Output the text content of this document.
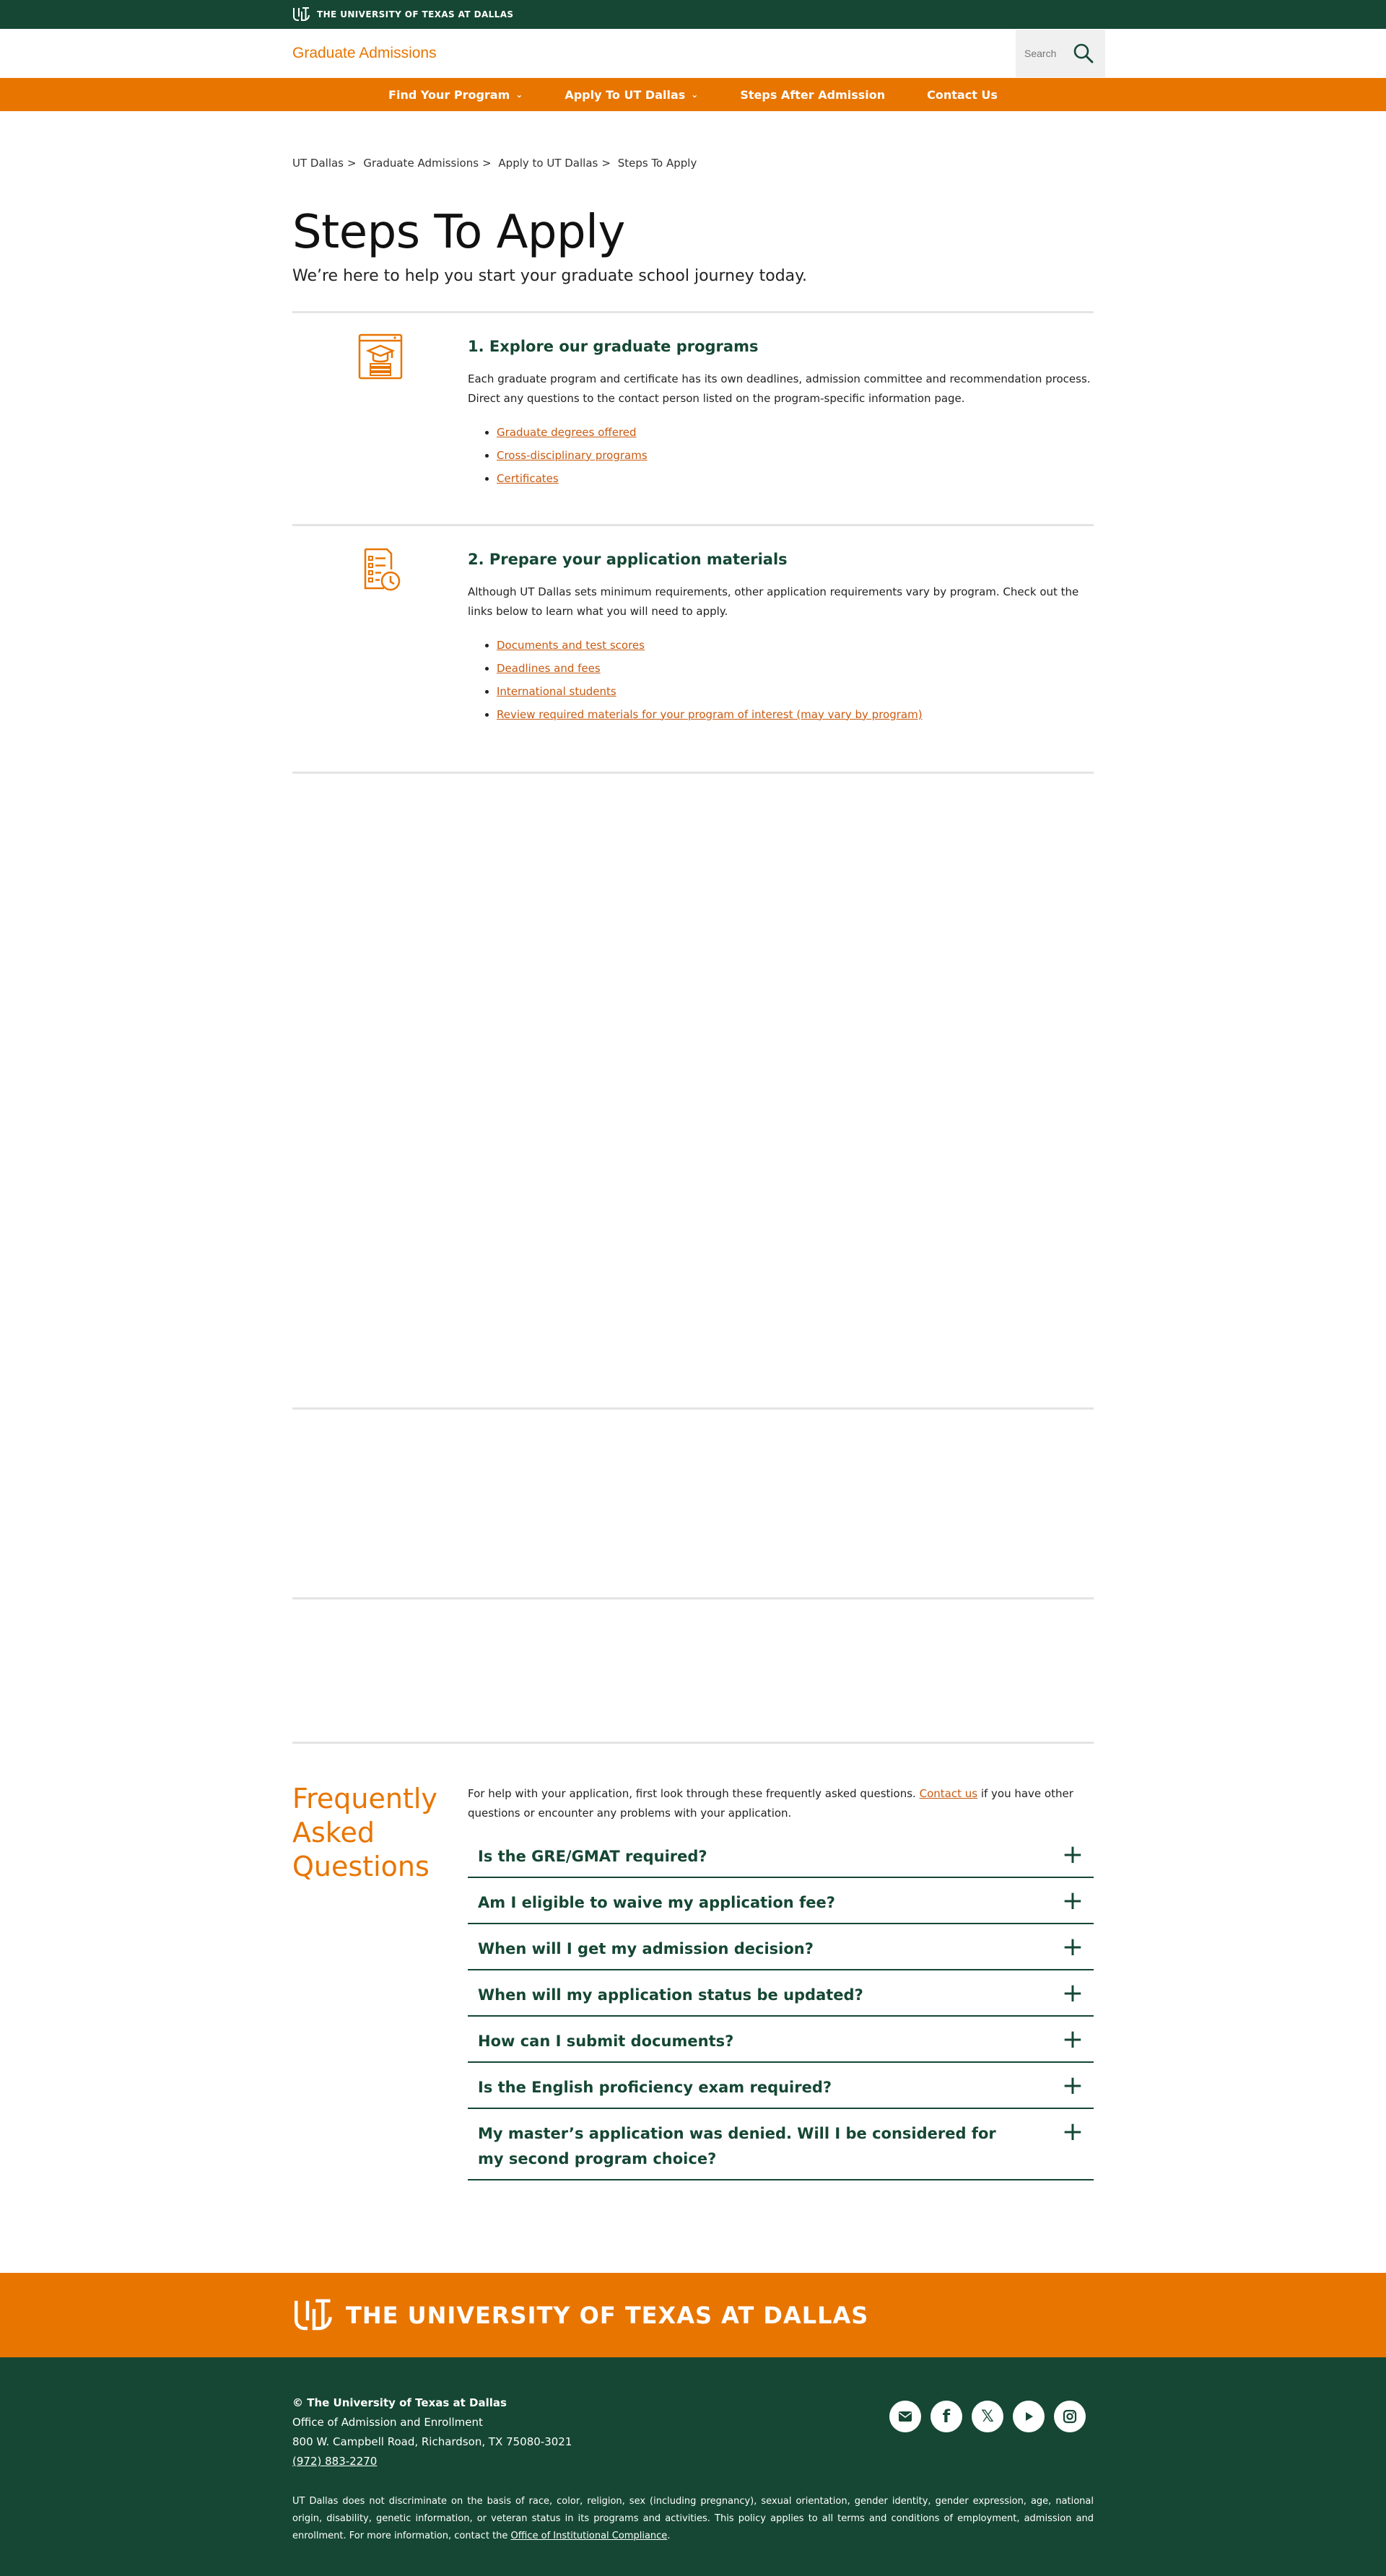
THE UNIVERSITY OF TEXAS AT DALLAS
Graduate Admissions
Search
Find Your Program ⌄	Apply To UT Dallas ⌄	Steps After Admission	Contact Us
UT Dallas > Graduate Admissions > Apply to UT Dallas > Steps To Apply
Steps To Apply

We’re here to help you start your graduate school journey today.

1. Explore our graduate programs

Each graduate program and certificate has its own deadlines, admission committee and recommendation process. Direct any questions to the contact person listed on the program-specific information page.

• Graduate degrees offered
• Cross-disciplinary programs
• Certificates
2. Prepare your application materials

Although UT Dallas sets minimum requirements, other application requirements vary by program. Check out the links below to learn what you will need to apply.

• Documents and test scores
• Deadlines and fees
• International students
• Review required materials for your program of interest (may vary by program)
Frequently Asked Questions

For help with your application, first look through these frequently asked questions. Contact us if you have other questions or encounter any problems with your application.

Is the GRE/GMAT required?	+
Am I eligible to waive my application fee?	+
When will I get my admission decision?	+
When will my application status be updated?	+
How can I submit documents?	+
Is the English proficiency exam required?	+
My master’s application was denied. Will I be considered for my second program choice?
+
THE UNIVERSITY OF TEXAS AT DALLAS
© The University of Texas at Dallas
Office of Admission and Enrollment
800 W. Campbell Road, Richardson, TX 75080-3021
(972) 883-2270
f 𝕏

UT Dallas does not discriminate on the basis of race, color, religion, sex (including pregnancy), sexual orientation, gender identity, gender expression, age, national origin, disability, genetic information, or veteran status in its programs and activities. This policy applies to all terms and conditions of employment, admission and enrollment. For more information, contact the Office of Institutional Compliance.
